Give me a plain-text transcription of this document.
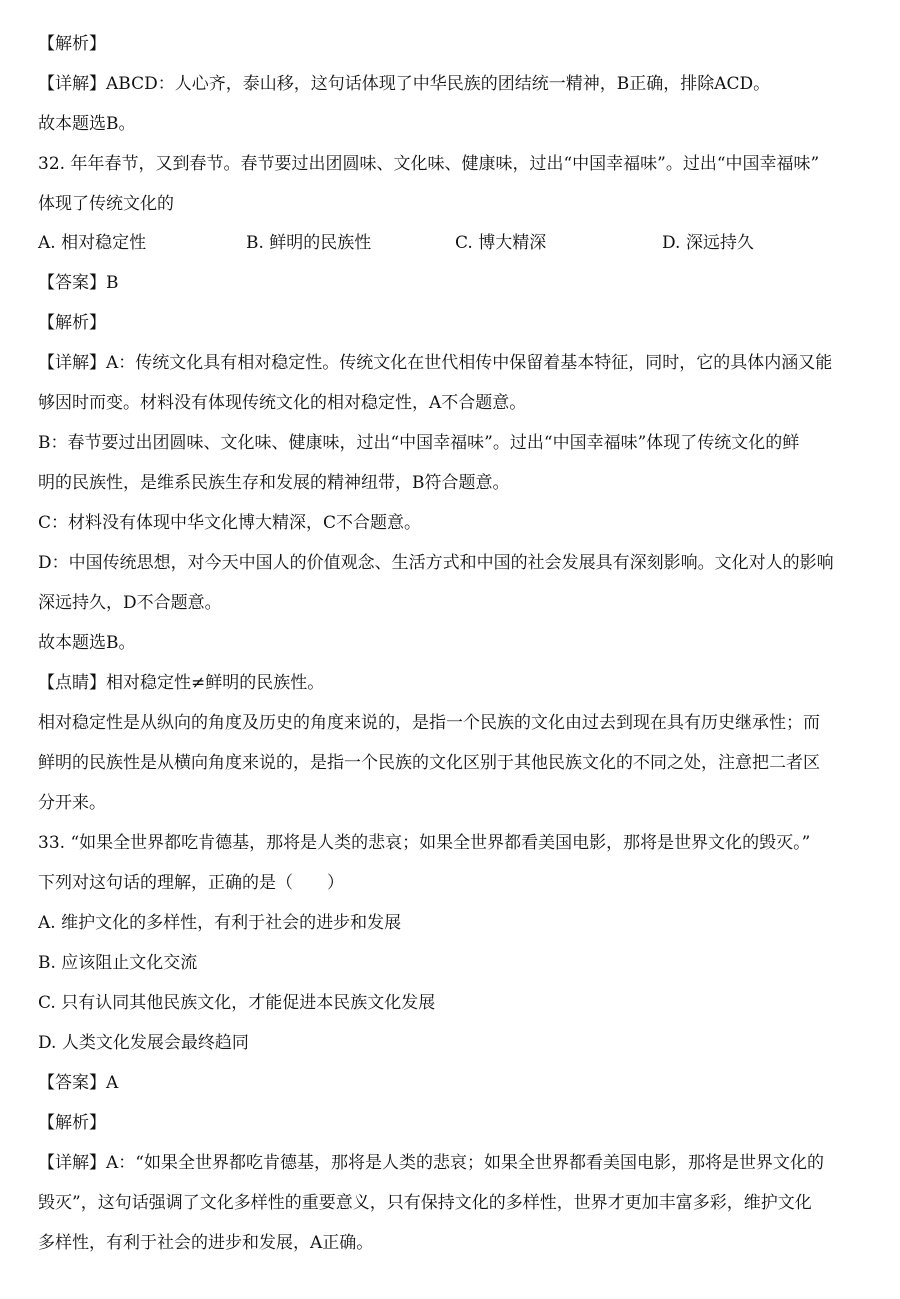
【解析】
【详解】ABCD：人心齐，泰山移，这句话体现了中华民族的团结统一精神，B正确，排除ACD。
故本题选B。
32. 年年春节，又到春节。春节要过出团圆味、文化味、健康味，过出“中国幸福味”。过出“中国幸福味”
体现了传统文化的
A. 相对稳定性	B. 鲜明的民族性	C. 博大精深	D. 深远持久
【答案】B
【解析】
【详解】A：传统文化具有相对稳定性。传统文化在世代相传中保留着基本特征，同时，它的具体内涵又能
够因时而变。材料没有体现传统文化的相对稳定性，A不合题意。
B：春节要过出团圆味、文化味、健康味，过出“中国幸福味”。过出“中国幸福味”体现了传统文化的鲜
明的民族性，是维系民族生存和发展的精神纽带，B符合题意。
C：材料没有体现中华文化博大精深，C不合题意。
D：中国传统思想，对今天中国人的价值观念、生活方式和中国的社会发展具有深刻影响。文化对人的影响
深远持久，D不合题意。
故本题选B。
【点睛】相对稳定性≠鲜明的民族性。
相对稳定性是从纵向的角度及历史的角度来说的，是指一个民族的文化由过去到现在具有历史继承性；而
鲜明的民族性是从横向角度来说的，是指一个民族的文化区别于其他民族文化的不同之处，注意把二者区
分开来。
33. “如果全世界都吃肯德基，那将是人类的悲哀；如果全世界都看美国电影，那将是世界文化的毁灭。”
下列对这句话的理解，正确的是（　　）
A. 维护文化的多样性，有利于社会的进步和发展
B. 应该阻止文化交流
C. 只有认同其他民族文化，才能促进本民族文化发展
D. 人类文化发展会最终趋同
【答案】A
【解析】
【详解】A：“如果全世界都吃肯德基，那将是人类的悲哀；如果全世界都看美国电影，那将是世界文化的
毁灭”，这句话强调了文化多样性的重要意义，只有保持文化的多样性，世界才更加丰富多彩，维护文化
多样性，有利于社会的进步和发展，A正确。
